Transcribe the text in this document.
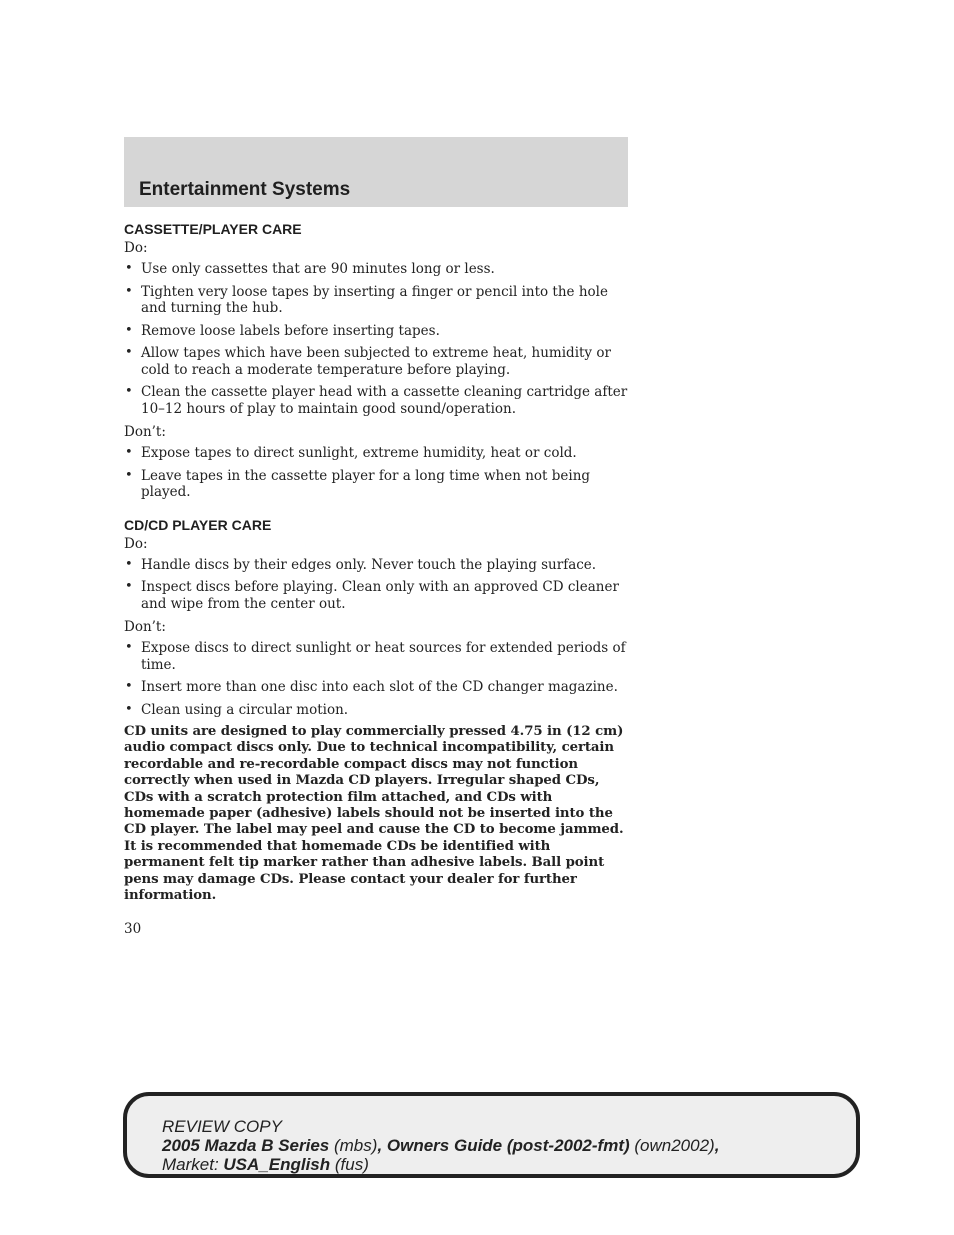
Entertainment Systems
CASSETTE/PLAYER CARE

Do:

• Use only cassettes that are 90 minutes long or less.
• Tighten very loose tapes by inserting a finger or pencil into the hole and turning the hub.
• Remove loose labels before inserting tapes.
• Allow tapes which have been subjected to extreme heat, humidity or cold to reach a moderate temperature before playing.
• Clean the cassette player head with a cassette cleaning cartridge after 10–12 hours of play to maintain good sound/operation.

Don’t:

• Expose tapes to direct sunlight, extreme humidity, heat or cold.
• Leave tapes in the cassette player for a long time when not being played.
CD/CD PLAYER CARE

Do:

• Handle discs by their edges only. Never touch the playing surface.
• Inspect discs before playing. Clean only with an approved CD cleaner and wipe from the center out.

Don’t:

• Expose discs to direct sunlight or heat sources for extended periods of time.
• Insert more than one disc into each slot of the CD changer magazine.
• Clean using a circular motion.

CD units are designed to play commercially pressed 4.75 in (12 cm) audio compact discs only. Due to technical incompatibility, certain recordable and re-recordable compact discs may not function correctly when used in Mazda CD players. Irregular shaped CDs, CDs with a scratch protection film attached, and CDs with homemade paper (adhesive) labels should not be inserted into the CD player. The label may peel and cause the CD to become jammed. It is recommended that homemade CDs be identified with permanent felt tip marker rather than adhesive labels. Ball point pens may damage CDs. Please contact your dealer for further information.

30

REVIEW COPY
2005 Mazda B Series (mbs), Owners Guide (post-2002-fmt) (own2002),
Market: USA_English (fus)
